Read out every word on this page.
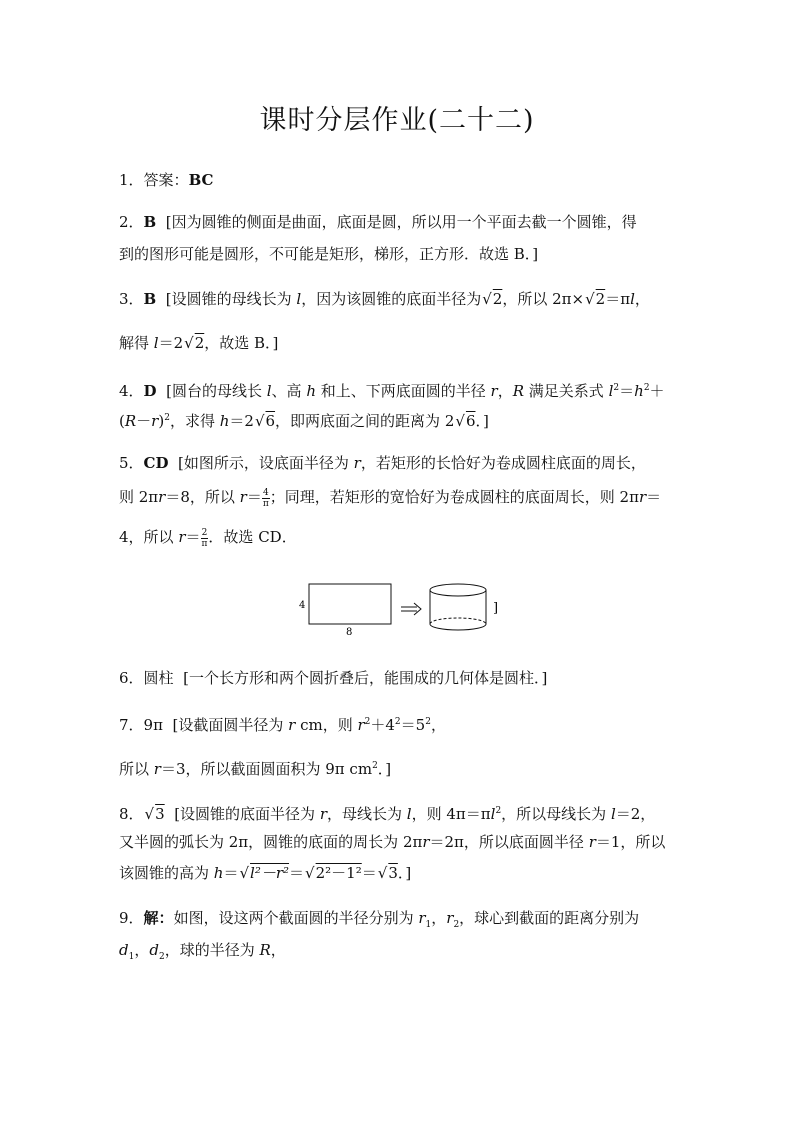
课时分层作业(二十二)
1．答案：BC
2．B [因为圆锥的侧面是曲面，底面是圆，所以用一个平面去截一个圆锥，得
到的图形可能是圆形，不可能是矩形，梯形，正方形．故选 B．]
3．B [设圆锥的母线长为 l，因为该圆锥的底面半径为 √ 2，所以 2π× √ 2＝πl，
解得 l＝2 √ 2，故选 B．]
4．D [圆台的母线长 l、高 h 和上、下两底面圆的半径 r，R 满足关系式 $l^2=h^2+$
$(R-r)^2$，求得 h＝2 √ 6，即两底面之间的距离为 2 √ 6．]
5．CD [如图所示，设底面半径为 r，若矩形的长恰好为卷成圆柱底面的周长，
则 2πr＝8，所以 $r= \frac{4}{\pi}$ ；同理，若矩形的宽恰好为卷成圆柱的底面周长，则 2πr＝
4，所以 $r= \frac{2}{\pi}$ ．故选 CD．
4
8
]
6．圆柱 [一个长方形和两个圆折叠后，能围成的几何体是圆柱．]
7．9π [设截面圆半径为 r cm，则 $r^2+4^2=5^2$，
所以 r＝3，所以截面圆面积为 9π $cm^2$．]
8． √ 3 [设圆锥的底面半径为 r，母线长为 l，则 $4\pi=\pi l^2$，所以母线长为 l＝2，
又半圆的弧长为 2π，圆锥的底面的周长为 2πr＝2π，所以底面圆半径 r＝1，所以
该圆锥的高为 h＝ √ l²－r²＝ √ 2²－1²＝ √ 3．]
9．解：如图，设这两个截面圆的半径分别为 $r_1$，$r_2$，球心到截面的距离分别为
$d_1$，$d_2$，球的半径为 R，
